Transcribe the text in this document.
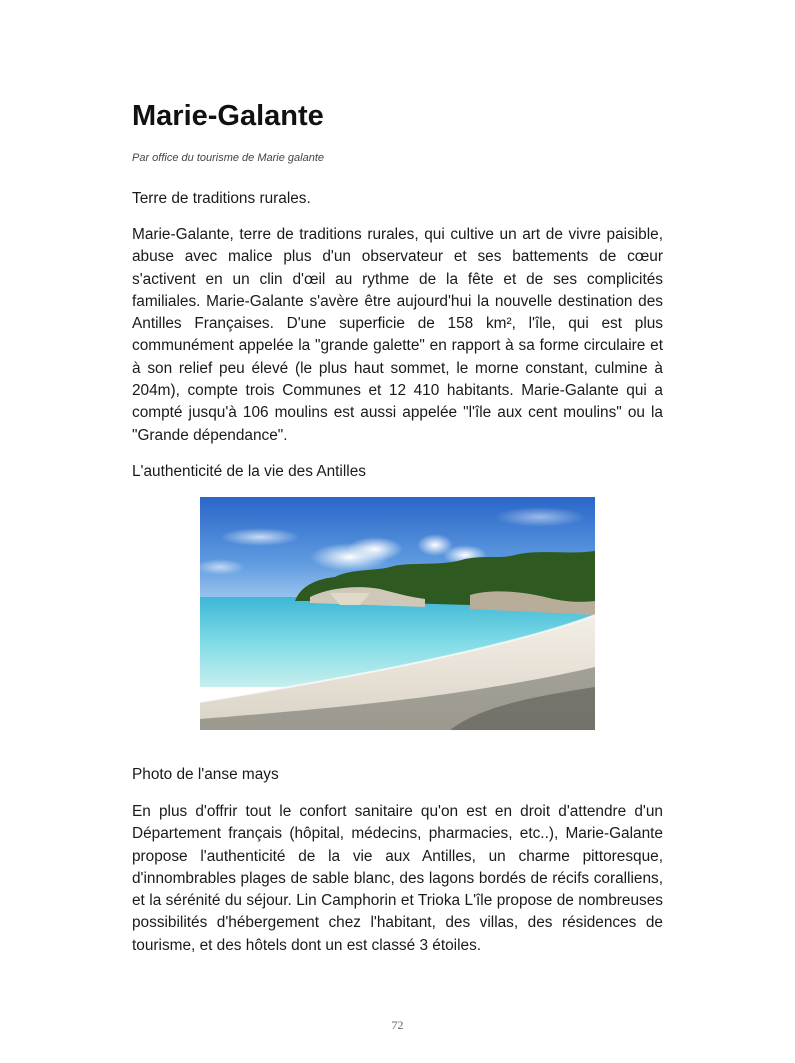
Marie-Galante

Par office du tourisme de Marie galante

Terre de traditions rurales.

Marie-Galante, terre de traditions rurales, qui cultive un art de vivre paisible, abuse avec malice plus d'un observateur et ses battements de cœur s'activent en un clin d'œil au rythme de la fête et de ses complicités familiales. Marie-Galante s'avère être aujourd'hui la nouvelle destination des Antilles Françaises. D'une superficie de 158 km², l'île, qui est plus communément appelée la "grande galette" en rapport à sa forme circulaire et à son relief peu élevé (le plus haut sommet, le morne constant, culmine à 204m), compte trois Communes et 12 410 habitants. Marie-Galante qui a compté jusqu'à 106 moulins est aussi appelée "l'île aux cent moulins" ou la "Grande dépendance".

L'authenticité de la vie des Antilles

Photo de l'anse mays

En plus d'offrir tout le confort sanitaire qu'on est en droit d'attendre d'un Département français (hôpital, médecins, pharmacies, etc..), Marie-Galante propose l'authenticité de la vie aux Antilles, un charme pittoresque, d'innombrables plages de sable blanc, des lagons bordés de récifs coralliens, et la sérénité du séjour. Lin Camphorin et Trioka L'île propose de nombreuses possibilités d'hébergement chez l'habitant, des villas, des résidences de tourisme, et des hôtels dont un est classé 3 étoiles.

72
